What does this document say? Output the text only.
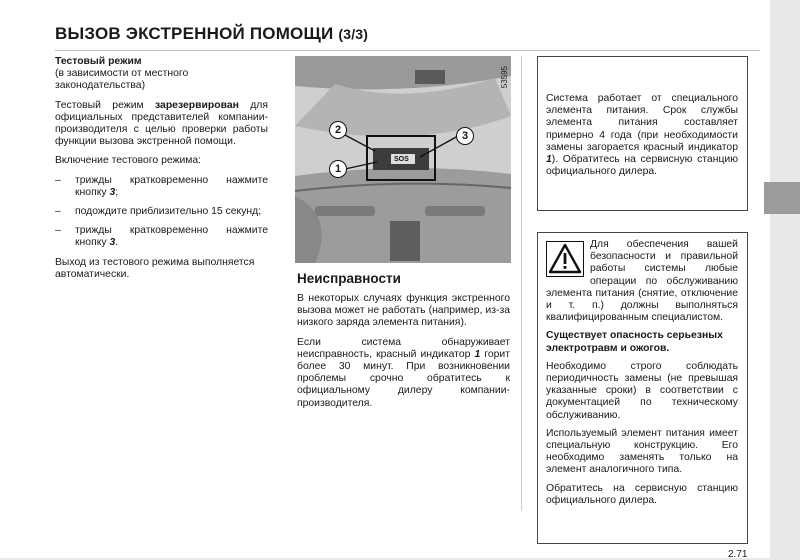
ВЫЗОВ ЭКСТРЕННОЙ ПОМОЩИ (3/3)
Тестовый режим

(в зависимости от местного законодательства)

Тестовый режим зарезервирован для официальных представителей компании-производителя с целью проверки работы функции вызова экстренной помощи.

Включение тестового режима:

–	трижды кратковременно нажмите кнопку 3;
–	подождите приблизительно 15 секунд;
–	трижды кратковременно нажмите кнопку 3.

Выход из тестового режима выполняется автоматически.

SOS
53595
2
1
3
Неисправности

В некоторых случаях функция экстренного вызова может не работать (например, из-за низкого заряда элемента питания).

Если система обнаруживает неисправность, красный индикатор 1 горит более 30 минут. При возникновении проблемы срочно обратитесь к официальному дилеру компании-производителя.

Система работает от специального элемента питания. Срок службы элемента питания составляет примерно 4 года (при необходимости замены загорается красный индикатор 1). Обратитесь на сервисную станцию официального дилера.

Для обеспечения вашей безопасности и правильной работы системы любые операции по обслуживанию элемента питания (снятие, отключение и т. п.) должны выполняться квалифицированным специалистом.

Существует опасность серьезных электротравм и ожогов.

Необходимо строго соблюдать периодичность замены (не превышая указанные сроки) в соответствии с документацией по техническому обслуживанию.

Используемый элемент питания имеет специальную конструкцию. Его необходимо заменять только на элемент аналогичного типа.

Обратитесь на сервисную станцию официального дилера.

2.71
